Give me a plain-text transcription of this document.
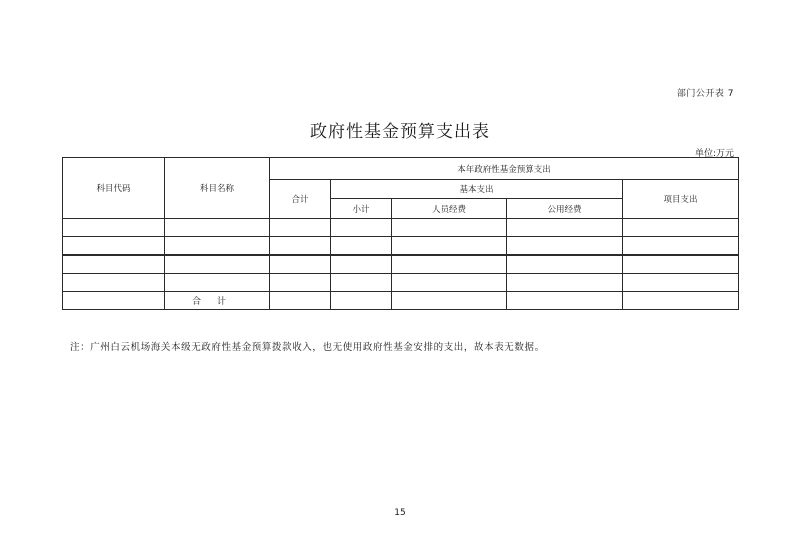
部门公开表 7
政府性基金预算支出表
单位:万元
科目代码	科目名称	本年政府性基金预算支出				
		合计	基本支出			项目支出
			小计	人员经费	公用经费	

	合计					
注：广州白云机场海关本级无政府性基金预算拨款收入，也无使用政府性基金安排的支出，故本表无数据。
15
